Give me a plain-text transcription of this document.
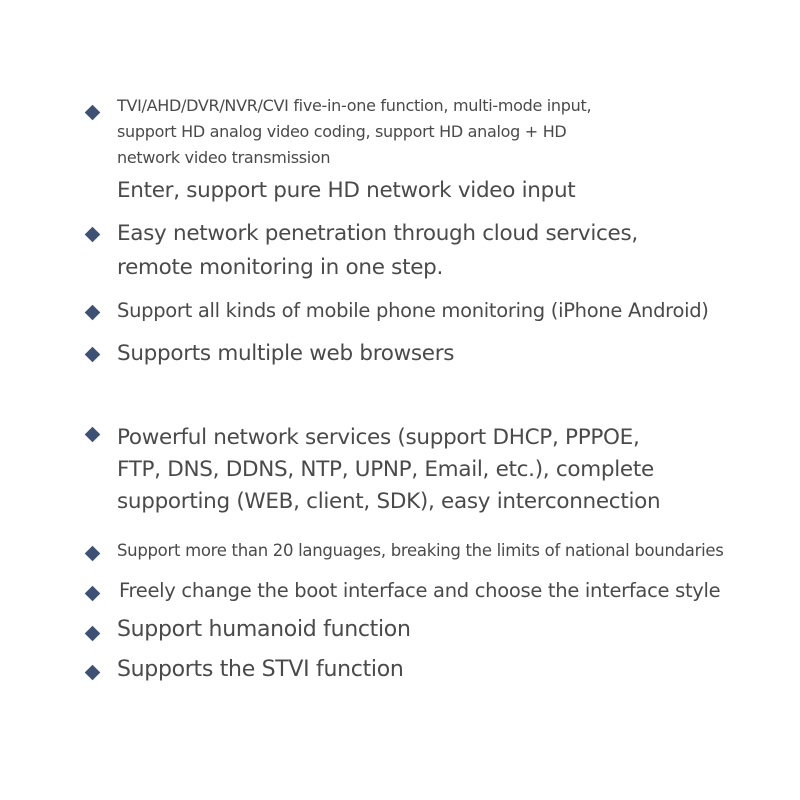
TVI/AHD/DVR/NVR/CVI five-in-one function, multi-mode input,
support HD analog video coding, support HD analog + HD
network video transmission
Enter, support pure HD network video input
Easy network penetration through cloud services,
remote monitoring in one step.
Support all kinds of mobile phone monitoring (iPhone Android)
Supports multiple web browsers
Powerful network services (support DHCP, PPPOE,
FTP, DNS, DDNS, NTP, UPNP, Email, etc.), complete
supporting (WEB, client, SDK), easy interconnection
Support more than 20 languages, breaking the limits of national boundaries
Freely change the boot interface and choose the interface style
Support humanoid function
Supports the STVI function
